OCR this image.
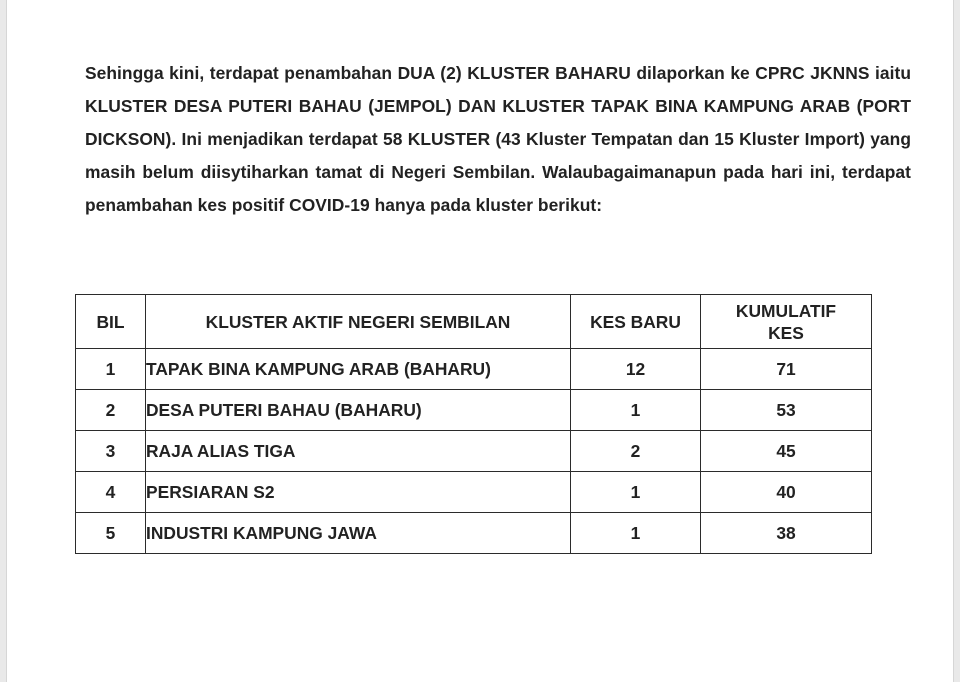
Sehingga kini, terdapat penambahan DUA (2) KLUSTER BAHARU dilaporkan ke CPRC JKNNS iaitu KLUSTER DESA PUTERI BAHAU (JEMPOL) DAN KLUSTER TAPAK BINA KAMPUNG ARAB (PORT DICKSON). Ini menjadikan terdapat 58 KLUSTER (43 Kluster Tempatan dan 15 Kluster Import) yang masih belum diisytiharkan tamat di Negeri Sembilan. Walaubagaimanapun pada hari ini, terdapat penambahan kes positif COVID-19 hanya pada kluster berikut:

BIL	KLUSTER AKTIF NEGERI SEMBILAN	KES BARU	KUMULATIF
KES
1	TAPAK BINA KAMPUNG ARAB (BAHARU)	12	71
2	DESA PUTERI BAHAU (BAHARU)	1	53
3	RAJA ALIAS TIGA	2	45
4	PERSIARAN S2	1	40
5	INDUSTRI KAMPUNG JAWA	1	38
